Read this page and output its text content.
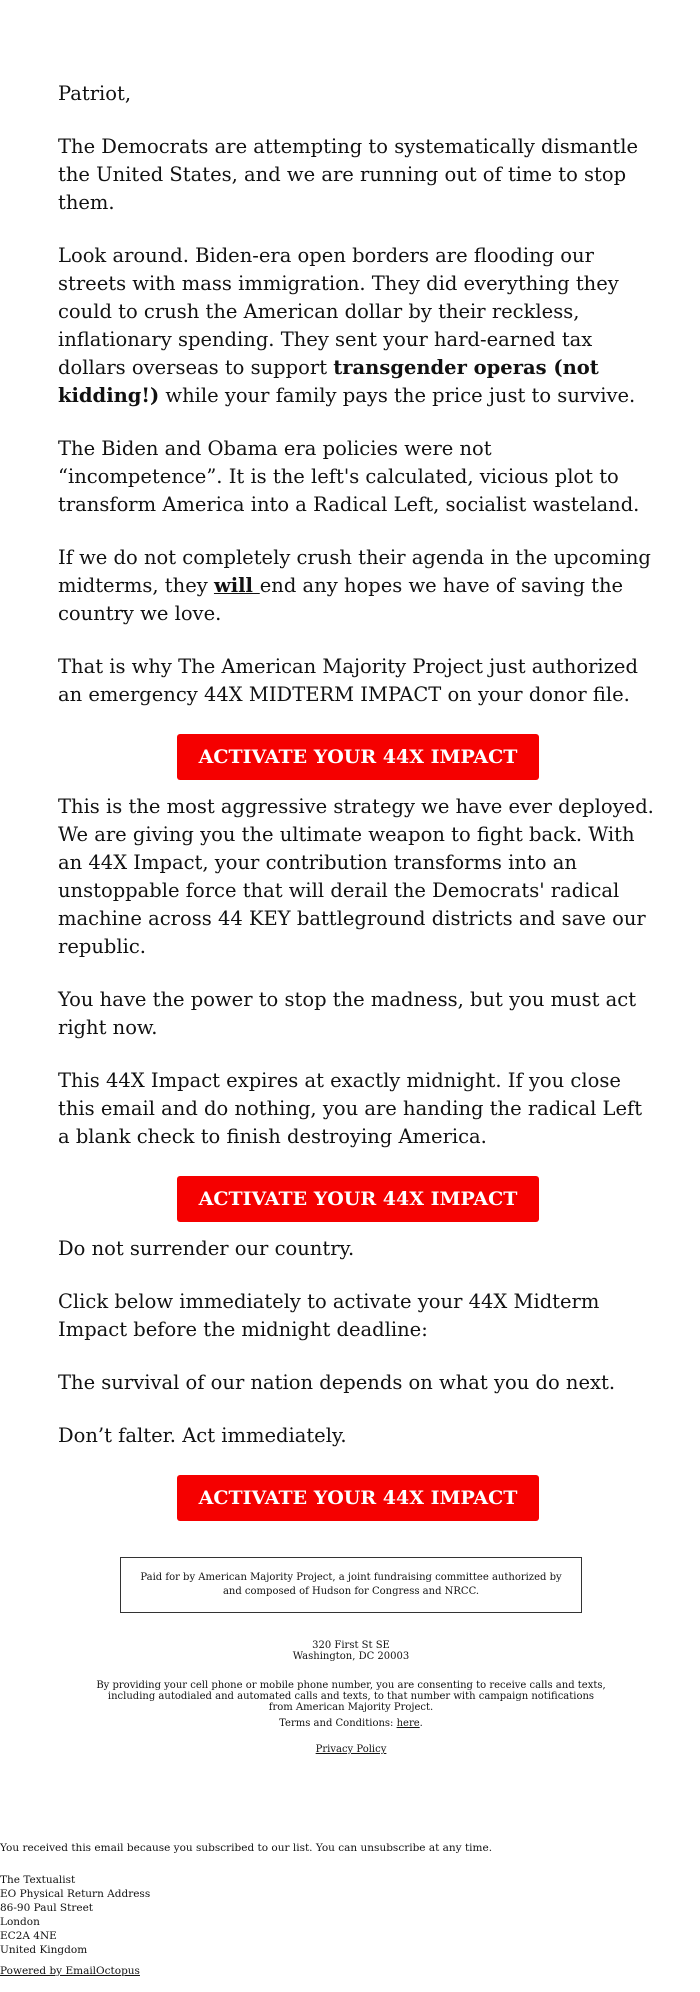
Patriot,

The Democrats are attempting to systematically dismantle the United States, and we are running out of time to stop them.

Look around. Biden-era open borders are flooding our streets with mass immigration. They did everything they could to crush the American dollar by their reckless, inflationary spending. They sent your hard-earned tax dollars overseas to support transgender operas (not kidding!) while your family pays the price just to survive.

The Biden and Obama era policies were not “incompetence”. It is the left's calculated, vicious plot to transform America into a Radical Left, socialist wasteland.

If we do not completely crush their agenda in the upcoming midterms, they will end any hopes we have of saving the country we love.

That is why The American Majority Project just authorized an emergency 44X MIDTERM IMPACT on your donor file.

ACTIVATE YOUR 44X IMPACT

This is the most aggressive strategy we have ever deployed. We are giving you the ultimate weapon to fight back. With an 44X Impact, your contribution transforms into an unstoppable force that will derail the Democrats' radical machine across 44 KEY battleground districts and save our republic.

You have the power to stop the madness, but you must act right now.

This 44X Impact expires at exactly midnight. If you close this email and do nothing, you are handing the radical Left a blank check to finish destroying America.

ACTIVATE YOUR 44X IMPACT

Do not surrender our country.

Click below immediately to activate your 44X Midterm Impact before the midnight deadline:

The survival of our nation depends on what you do next.

Don’t falter. Act immediately.

ACTIVATE YOUR 44X IMPACT
Paid for by American Majority Project, a joint fundraising committee authorized by and composed of Hudson for Congress and NRCC.
320 First St SE
Washington, DC 20003
By providing your cell phone or mobile phone number, you are consenting to receive calls and texts, including autodialed and automated calls and texts, to that number with campaign notifications from American Majority Project.
Terms and Conditions: here.
Privacy Policy
You received this email because you subscribed to our list. You can unsubscribe at any time.
The Textualist
EO Physical Return Address
86-90 Paul Street
London
EC2A 4NE
United Kingdom
Powered by EmailOctopus
